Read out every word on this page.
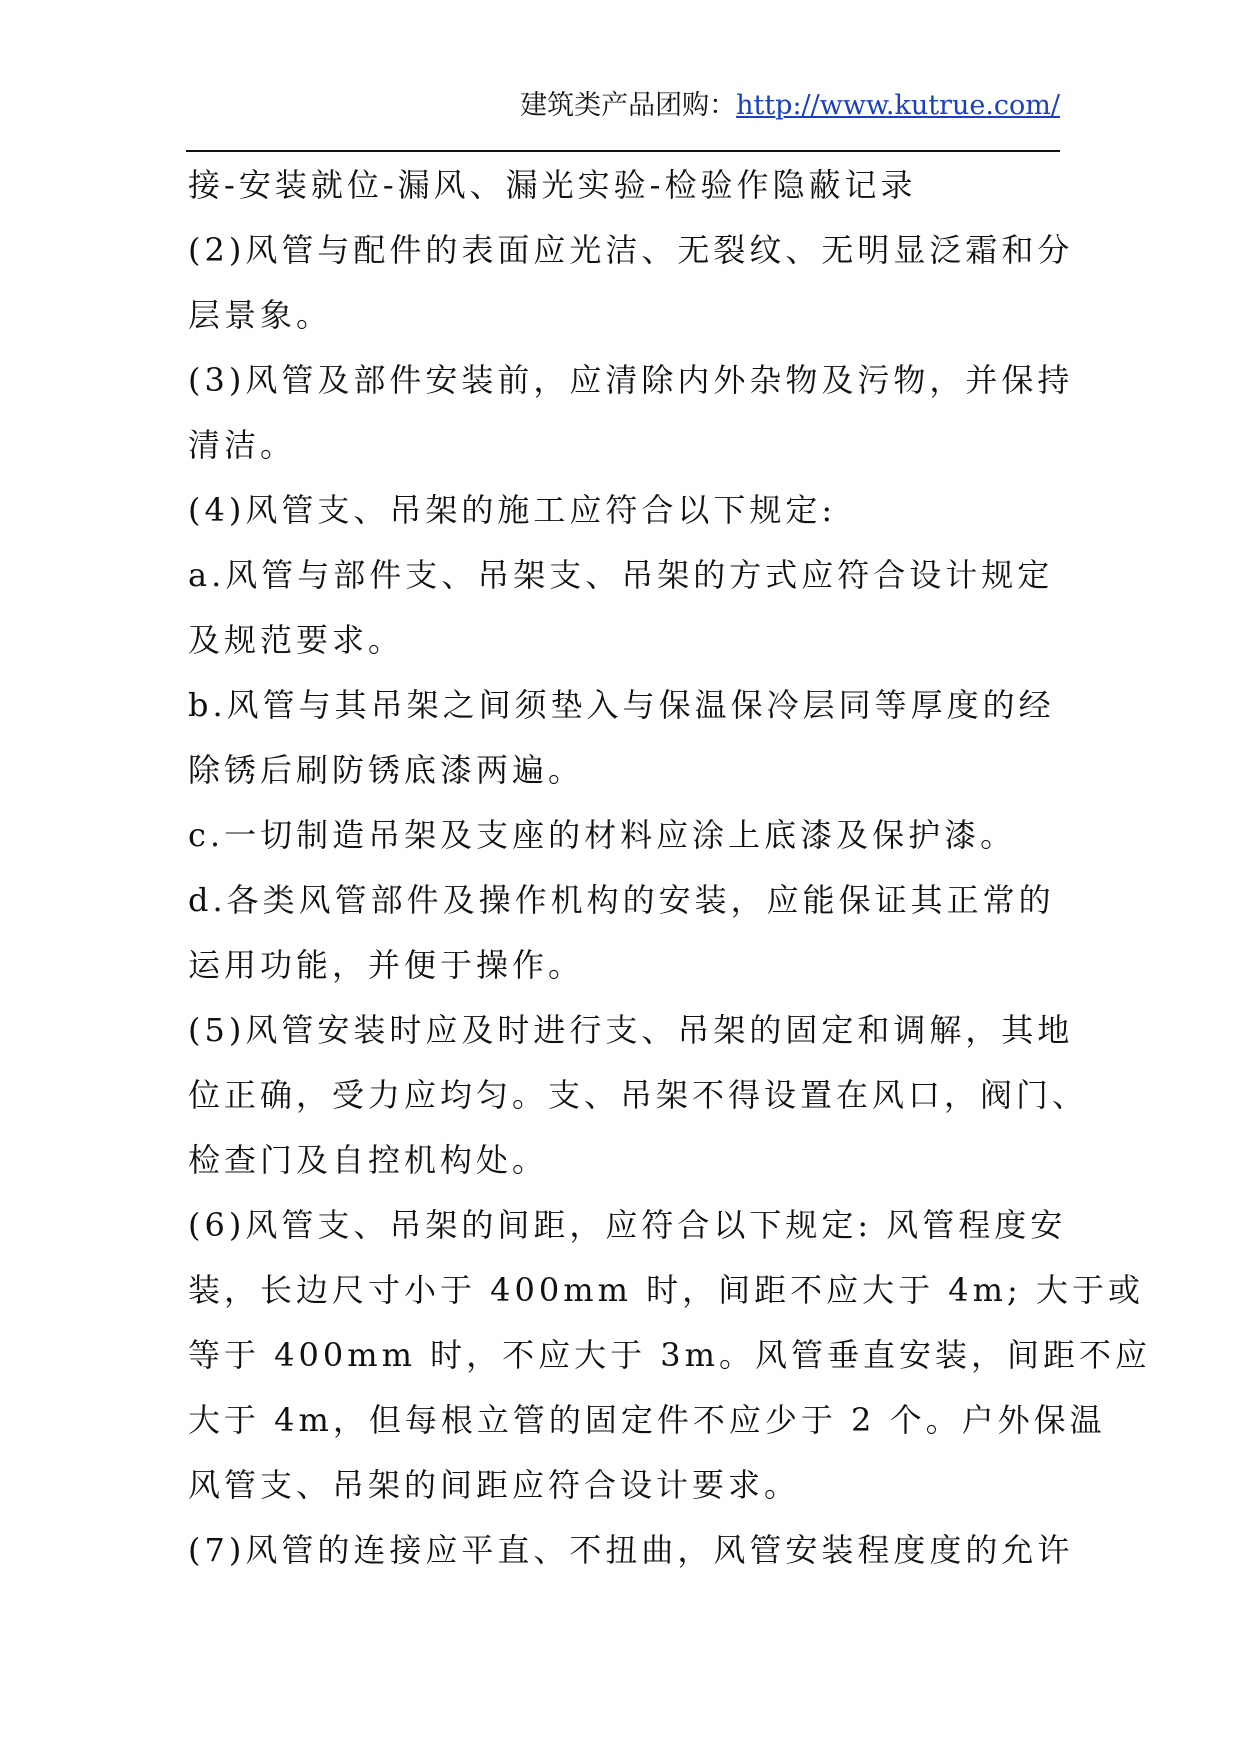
建筑类产品团购：http://www.kutrue.com/
接-安装就位-漏风、漏光实验-检验作隐蔽记录
(2)风管与配件的表面应光洁、无裂纹、无明显泛霜和分
层景象。
(3)风管及部件安装前，应清除内外杂物及污物，并保持
清洁。
(4)风管支、吊架的施工应符合以下规定:
a.风管与部件支、吊架支、吊架的方式应符合设计规定
及规范要求。
b.风管与其吊架之间须垫入与保温保冷层同等厚度的经
除锈后刷防锈底漆两遍。
c.一切制造吊架及支座的材料应涂上底漆及保护漆。
d.各类风管部件及操作机构的安装，应能保证其正常的
运用功能，并便于操作。
(5)风管安装时应及时进行支、吊架的固定和调解，其地
位正确，受力应均匀。支、吊架不得设置在风口，阀门、
检查门及自控机构处。
(6)风管支、吊架的间距，应符合以下规定: 风管程度安
装，长边尺寸小于 400mm 时，间距不应大于 4m; 大于或
等于 400mm 时，不应大于 3m。风管垂直安装，间距不应
大于 4m，但每根立管的固定件不应少于 2 个。户外保温
风管支、吊架的间距应符合设计要求。
(7)风管的连接应平直、不扭曲，风管安装程度度的允许
